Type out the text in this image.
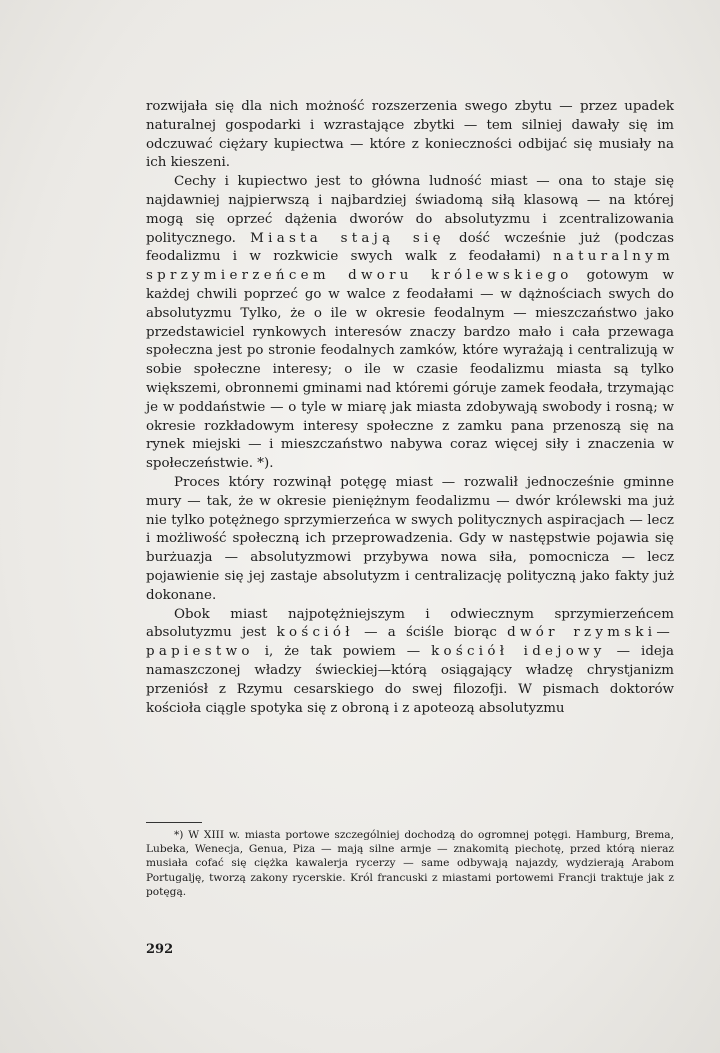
rozwijała się dla nich możność rozszerzenia swego zbytu — przez upadek naturalnej gospodarki i wzrastające zbytki — tem silniej dawały się im odczuwać ciężary kupiectwa — które z konieczności odbijać się musiały na ich kieszeni.

Cechy i kupiectwo jest to główna ludność miast — ona to staje się najdawniej najpierwszą i najbardziej świadomą siłą klasową — na której mogą się oprzeć dążenia dworów do absolutyzmu i zcentralizowania politycznego. Miasta stają się dość wcześnie już (podczas feodalizmu i w rozkwicie swych walk z feodałami) naturalnym sprzymierzeńcem dworu królewskiego gotowym w każdej chwili poprzeć go w walce z feodałami — w dążnościach swych do absolutyzmu Tylko, że o ile w okresie feodalnym — mieszczaństwo jako przedstawiciel rynkowych interesów znaczy bardzo mało i cała przewaga społeczna jest po stronie feodalnych zamków, które wyrażają i centralizują w sobie społeczne interesy; o ile w czasie feodalizmu miasta są tylko większemi, obronnemi gminami nad któremi góruje zamek feodała, trzymając je w poddaństwie — o tyle w miarę jak miasta zdobywają swobody i rosną; w okresie rozkładowym interesy społeczne z zamku pana przenoszą się na rynek miejski — i mieszczaństwo nabywa coraz więcej siły i znaczenia w społeczeństwie. *).

Proces który rozwinął potęgę miast — rozwalił jednocześnie gminne mury — tak, że w okresie pieniężnym feodalizmu — dwór królewski ma już nie tylko potężnego sprzymierzeńca w swych politycznych aspiracjach — lecz i możliwość społeczną ich przeprowadzenia. Gdy w następstwie pojawia się burżuazja — absolutyzmowi przybywa nowa siła, pomocnicza — lecz pojawienie się jej zastaje absolutyzm i centralizację polityczną jako fakty już dokonane.

Obok miast najpotężniejszym i odwiecznym sprzymierzeńcem absolutyzmu jest kościół — a ściśle biorąc dwór rzymski—papiestwo i, że tak powiem — kościół idejowy — ideja namaszczonej władzy świeckiej—którą osiągający władzę chrystjanizm przeniósł z Rzymu cesarskiego do swej filozofji. W pismach doktorów kościoła ciągle spotyka się z obroną i z apoteozą absolutyzmu

*) W XIII w. miasta portowe szczególniej dochodzą do ogromnej potęgi. Hamburg, Brema, Lubeka, Wenecja, Genua, Piza — mają silne armje — znakomitą piechotę, przed którą nieraz musiała cofać się ciężka kawalerja rycerzy — same odbywają najazdy, wydzierają Arabom Portugalję, tworzą zakony rycerskie. Król francuski z miastami portowemi Francji traktuje jak z potęgą.

292
